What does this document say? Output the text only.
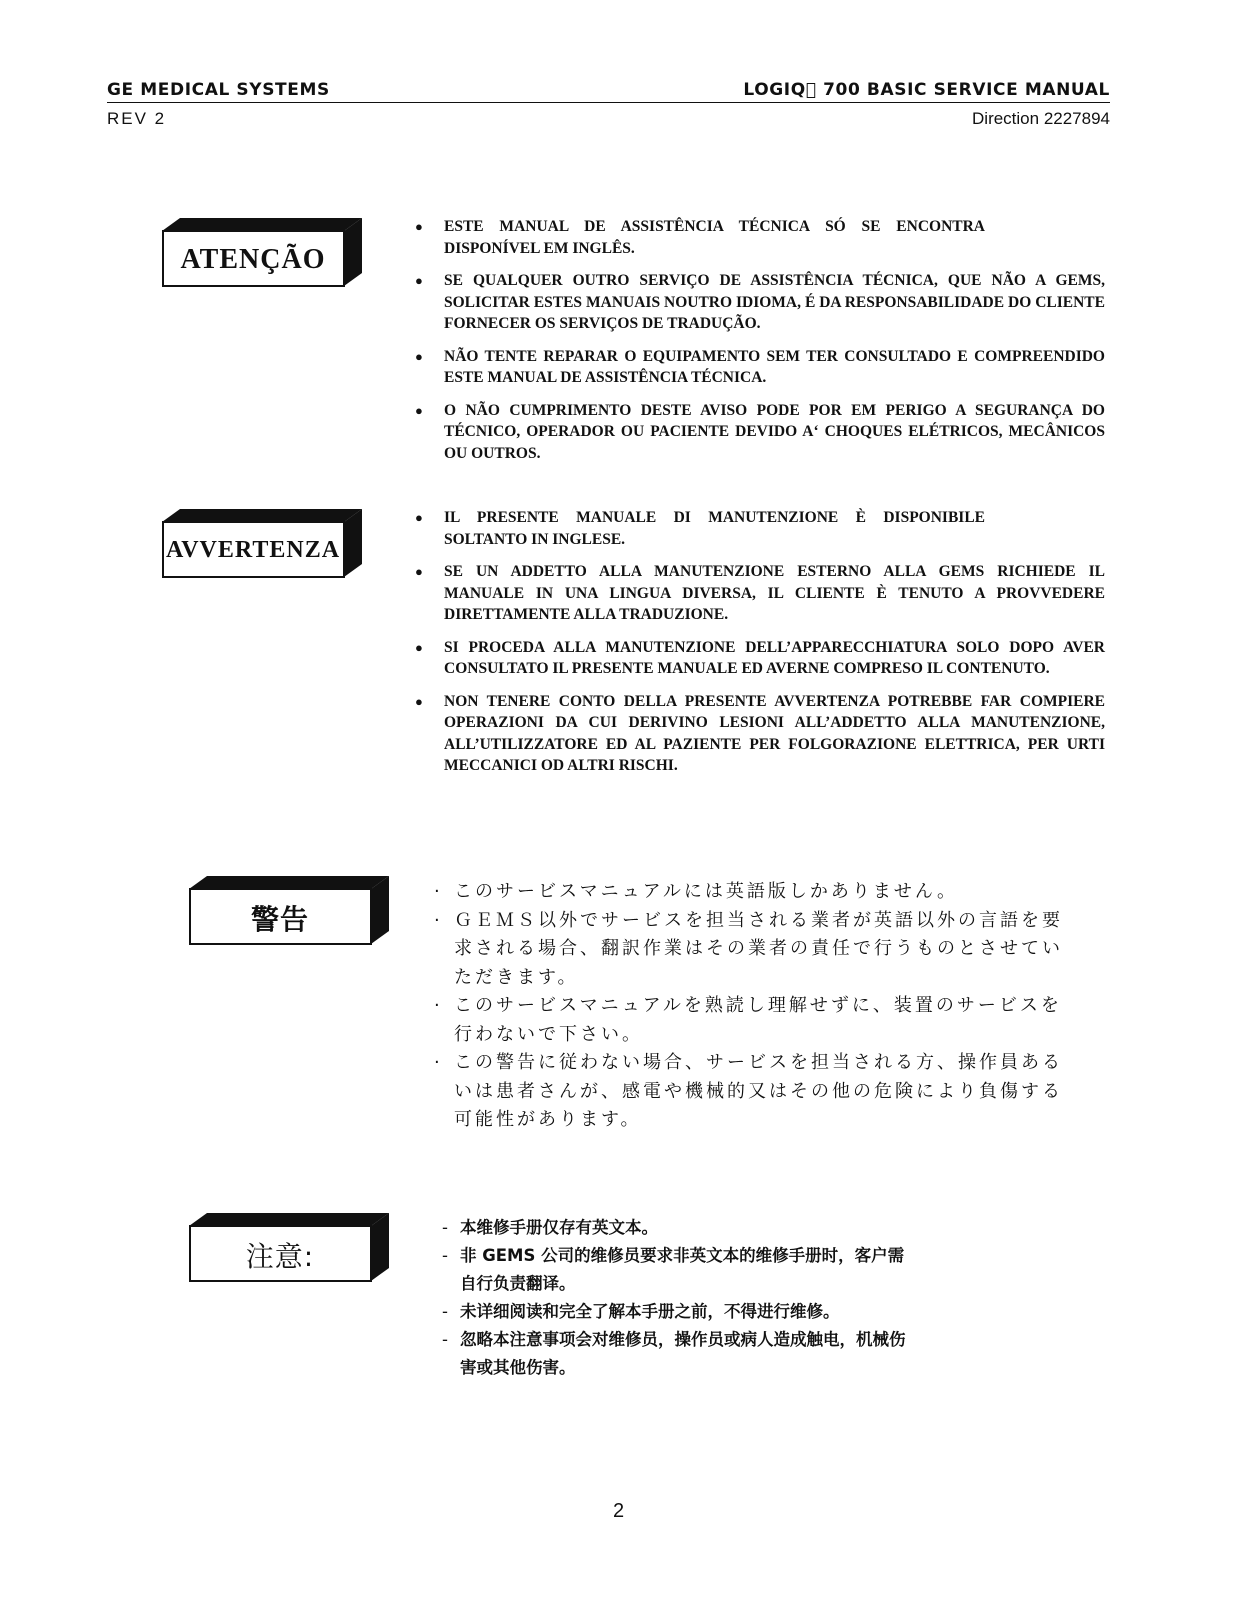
GE MEDICAL SYSTEMS	LOGIQ  700 BASIC SERVICE MANUAL
REV 2	Direction 2227894
ATENÇÃO
● ESTE MANUAL DE ASSISTÊNCIA TÉCNICA SÓ SE ENCONTRA DISPONÍVEL EM INGLÊS.
● SE QUALQUER OUTRO SERVIÇO DE ASSISTÊNCIA TÉCNICA, QUE NÃO A GEMS, SOLICITAR ESTES MANUAIS NOUTRO IDIOMA, É DA RESPONSABILIDADE DO CLIENTE FORNECER OS SERVIÇOS DE TRADUÇÃO.
● NÃO TENTE REPARAR O EQUIPAMENTO SEM TER CONSULTADO E COMPREENDIDO ESTE MANUAL DE ASSISTÊNCIA TÉCNICA.
● O NÃO CUMPRIMENTO DESTE AVISO PODE POR EM PERIGO A SEGURANÇA DO TÉCNICO, OPERADOR OU PACIENTE DEVIDO A‘ CHOQUES ELÉTRICOS, MECÂNICOS OU OUTROS.
AVVERTENZA
● IL PRESENTE MANUALE DI MANUTENZIONE È DISPONIBILE SOLTANTO IN INGLESE.
● SE UN ADDETTO ALLA MANUTENZIONE ESTERNO ALLA GEMS RICHIEDE IL MANUALE IN UNA LINGUA DIVERSA, IL CLIENTE È TENUTO A PROVVEDERE DIRETTAMENTE ALLA TRADUZIONE.
● SI PROCEDA ALLA MANUTENZIONE DELL’APPARECCHIATURA SOLO DOPO AVER CONSULTATO IL PRESENTE MANUALE ED AVERNE COMPRESO IL CONTENUTO.
● NON TENERE CONTO DELLA PRESENTE AVVERTENZA POTREBBE FAR COMPIERE OPERAZIONI DA CUI DERIVINO LESIONI ALL’ADDETTO ALLA MANUTENZIONE, ALL’UTILIZZATORE ED AL PAZIENTE PER FOLGORAZIONE ELETTRICA, PER URTI MECCANICI OD ALTRI RISCHI.
警告
· このサービスマニュアルには英語版しかありません。
· ＧＥＭＳ以外でサービスを担当される業者が英語以外の言語を要求される場合、翻訳作業はその業者の責任で行うものとさせていただきます。
· このサービスマニュアルを熟読し理解せずに、装置のサービスを行わないで下さい。
· この警告に従わない場合、サービスを担当される方、操作員あるいは患者さんが、感電や機械的又はその他の危険により負傷する可能性があります。
注意:
- 本维修手册仅存有英文本。
- 非 GEMS 公司的维修员要求非英文本的维修手册时，客户需自行负责翻译。
- 未详细阅读和完全了解本手册之前，不得进行维修。
- 忽略本注意事项会对维修员，操作员或病人造成触电，机械伤害或其他伤害。
2
